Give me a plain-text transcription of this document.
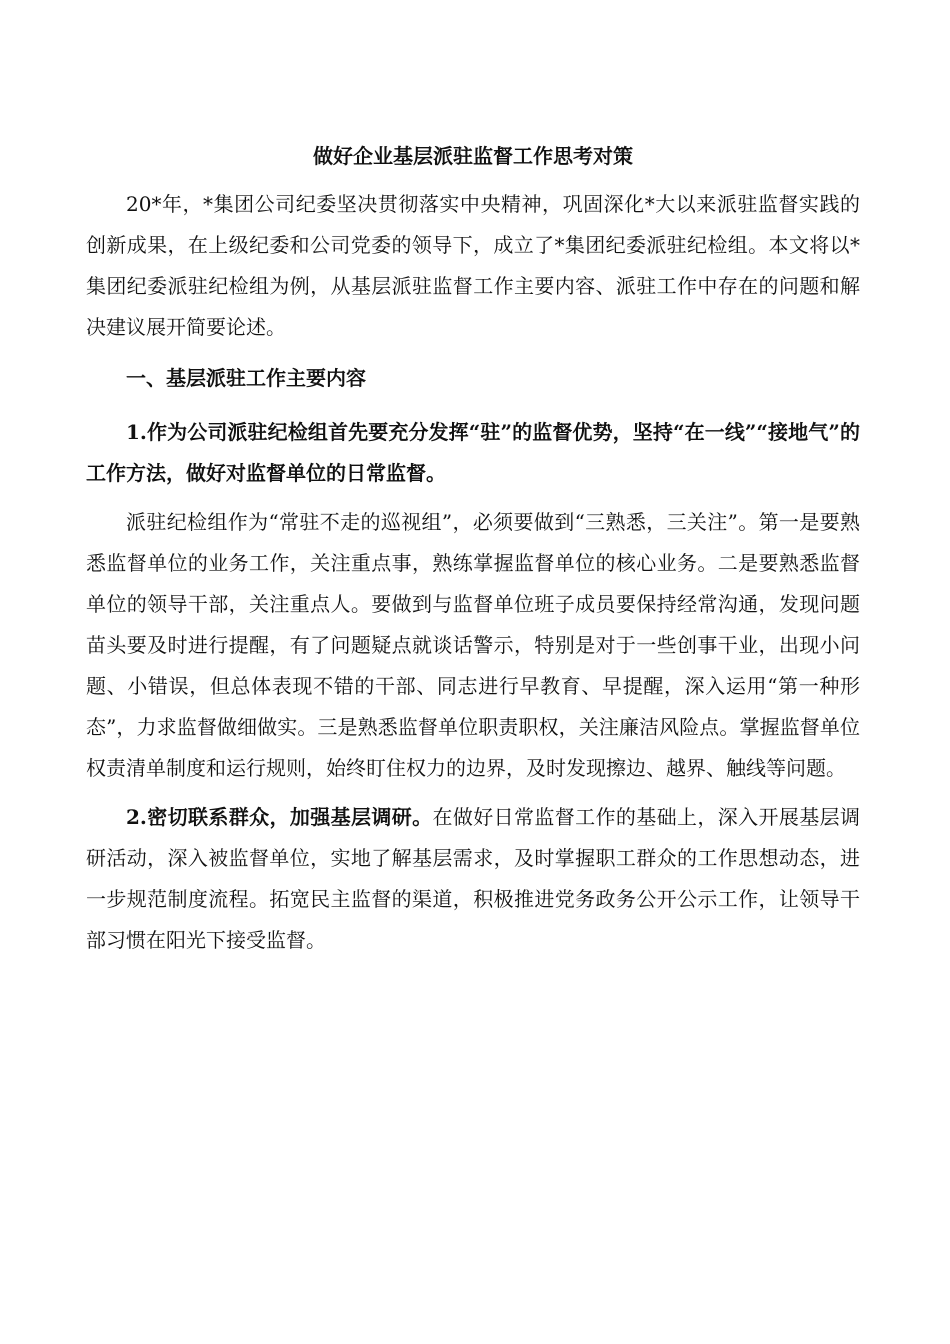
做好企业基层派驻监督工作思考对策

20*年，*集团公司纪委坚决贯彻落实中央精神，巩固深化*大以来派驻监督实践的创新成果，在上级纪委和公司党委的领导下，成立了*集团纪委派驻纪检组。本文将以*集团纪委派驻纪检组为例，从基层派驻监督工作主要内容、派驻工作中存在的问题和解决建议展开简要论述。

一、基层派驻工作主要内容

1.作为公司派驻纪检组首先要充分发挥“驻”的监督优势，坚持“在一线”“接地气”的工作方法，做好对监督单位的日常监督。

派驻纪检组作为“常驻不走的巡视组”，必须要做到“三熟悉，三关注”。第一是要熟悉监督单位的业务工作，关注重点事，熟练掌握监督单位的核心业务。二是要熟悉监督单位的领导干部，关注重点人。要做到与监督单位班子成员要保持经常沟通，发现问题苗头要及时进行提醒，有了问题疑点就谈话警示，特别是对于一些创事干业，出现小问题、小错误，但总体表现不错的干部、同志进行早教育、早提醒，深入运用“第一种形态”，力求监督做细做实。三是熟悉监督单位职责职权，关注廉洁风险点。掌握监督单位权责清单制度和运行规则，始终盯住权力的边界，及时发现擦边、越界、触线等问题。

2.密切联系群众，加强基层调研。在做好日常监督工作的基础上，深入开展基层调研活动，深入被监督单位，实地了解基层需求，及时掌握职工群众的工作思想动态，进一步规范制度流程。拓宽民主监督的渠道，积极推进党务政务公开公示工作，让领导干部习惯在阳光下接受监督。
